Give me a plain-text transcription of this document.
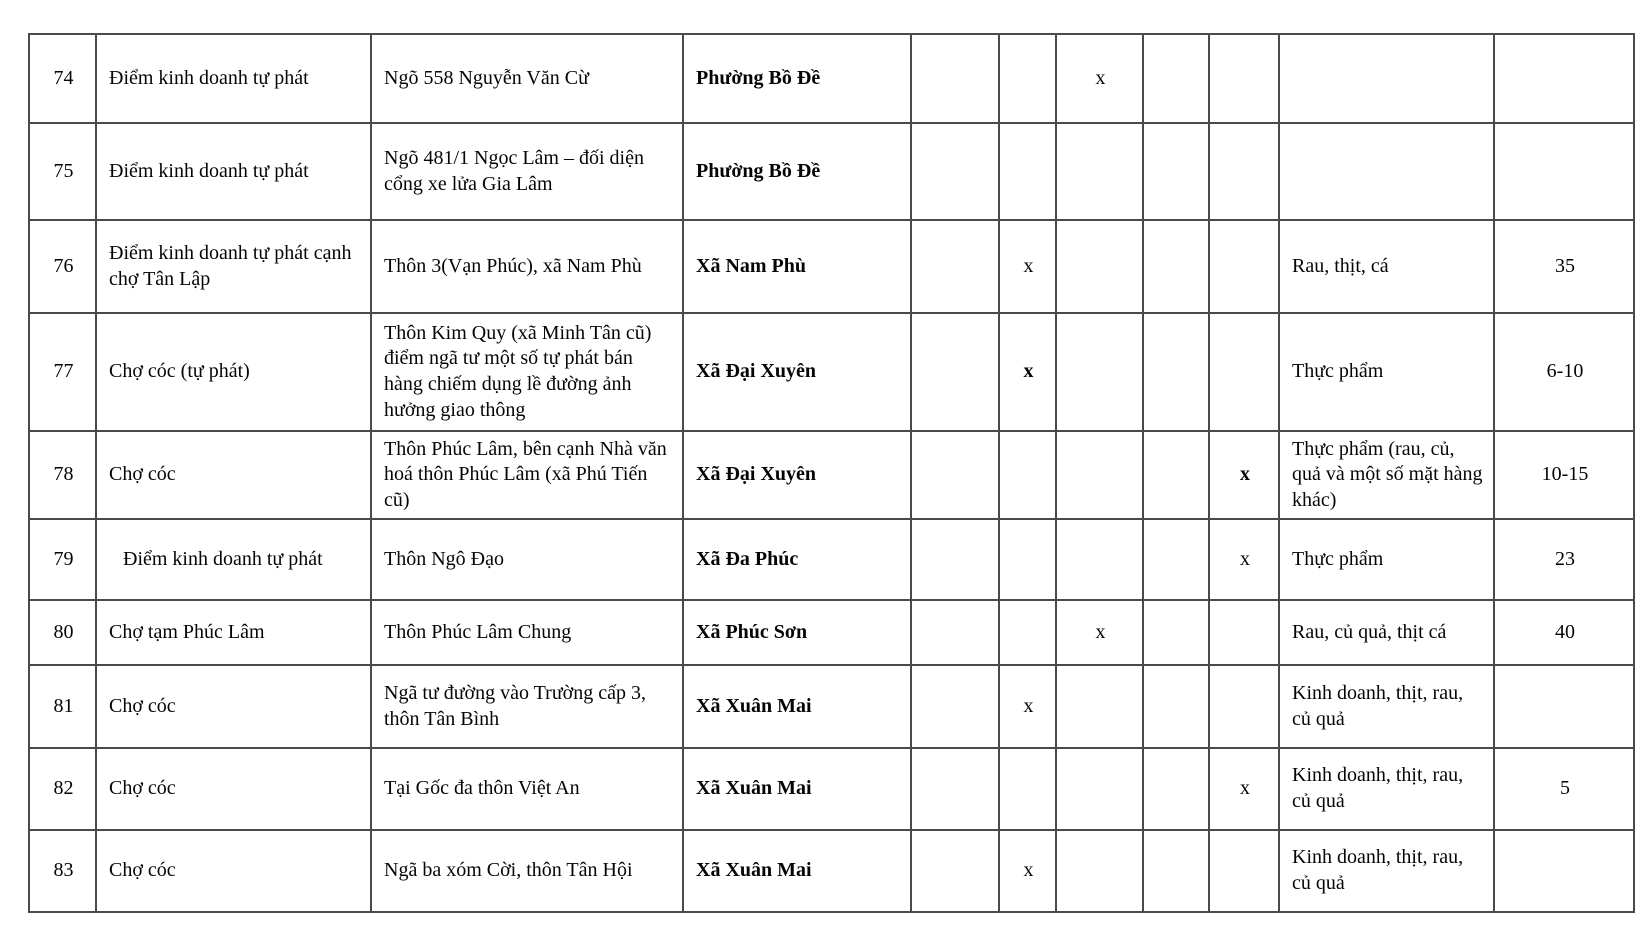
74	Điểm kinh doanh tự phát	Ngõ 558 Nguyễn Văn Cừ	Phường Bồ Đề			x				
75	Điểm kinh doanh tự phát	Ngõ 481/1 Ngọc Lâm – đối diện cổng xe lửa Gia Lâm	Phường Bồ Đề							
76	Điểm kinh doanh tự phát cạnh chợ Tân Lập	Thôn 3(Vạn Phúc), xã Nam Phù	Xã Nam Phù		x				Rau, thịt, cá	35
77	Chợ cóc (tự phát)	Thôn Kim Quy (xã Minh Tân cũ) điểm ngã tư một số tự phát bán hàng chiếm dụng lề đường ảnh hưởng giao thông	Xã Đại Xuyên		x				Thực phẩm	6-10
78	Chợ cóc	Thôn Phúc Lâm, bên cạnh Nhà văn hoá thôn Phúc Lâm (xã Phú Tiến cũ)	Xã Đại Xuyên					x	Thực phẩm (rau, củ, quả và một số mặt hàng khác)	10-15
79	Điểm kinh doanh tự phát	Thôn Ngô Đạo	Xã Đa Phúc					x	Thực phẩm	23
80	Chợ tạm Phúc Lâm	Thôn Phúc Lâm Chung	Xã Phúc Sơn			x			Rau, củ quả, thịt cá	40
81	Chợ cóc	Ngã tư đường vào Trường cấp 3, thôn Tân Bình	Xã Xuân Mai		x				Kinh doanh, thịt, rau, củ quả	
82	Chợ cóc	Tại Gốc đa thôn Việt An	Xã Xuân Mai					x	Kinh doanh, thịt, rau, củ quả	5
83	Chợ cóc	Ngã ba xóm Cời, thôn Tân Hội	Xã Xuân Mai		x				Kinh doanh, thịt, rau, củ quả	
